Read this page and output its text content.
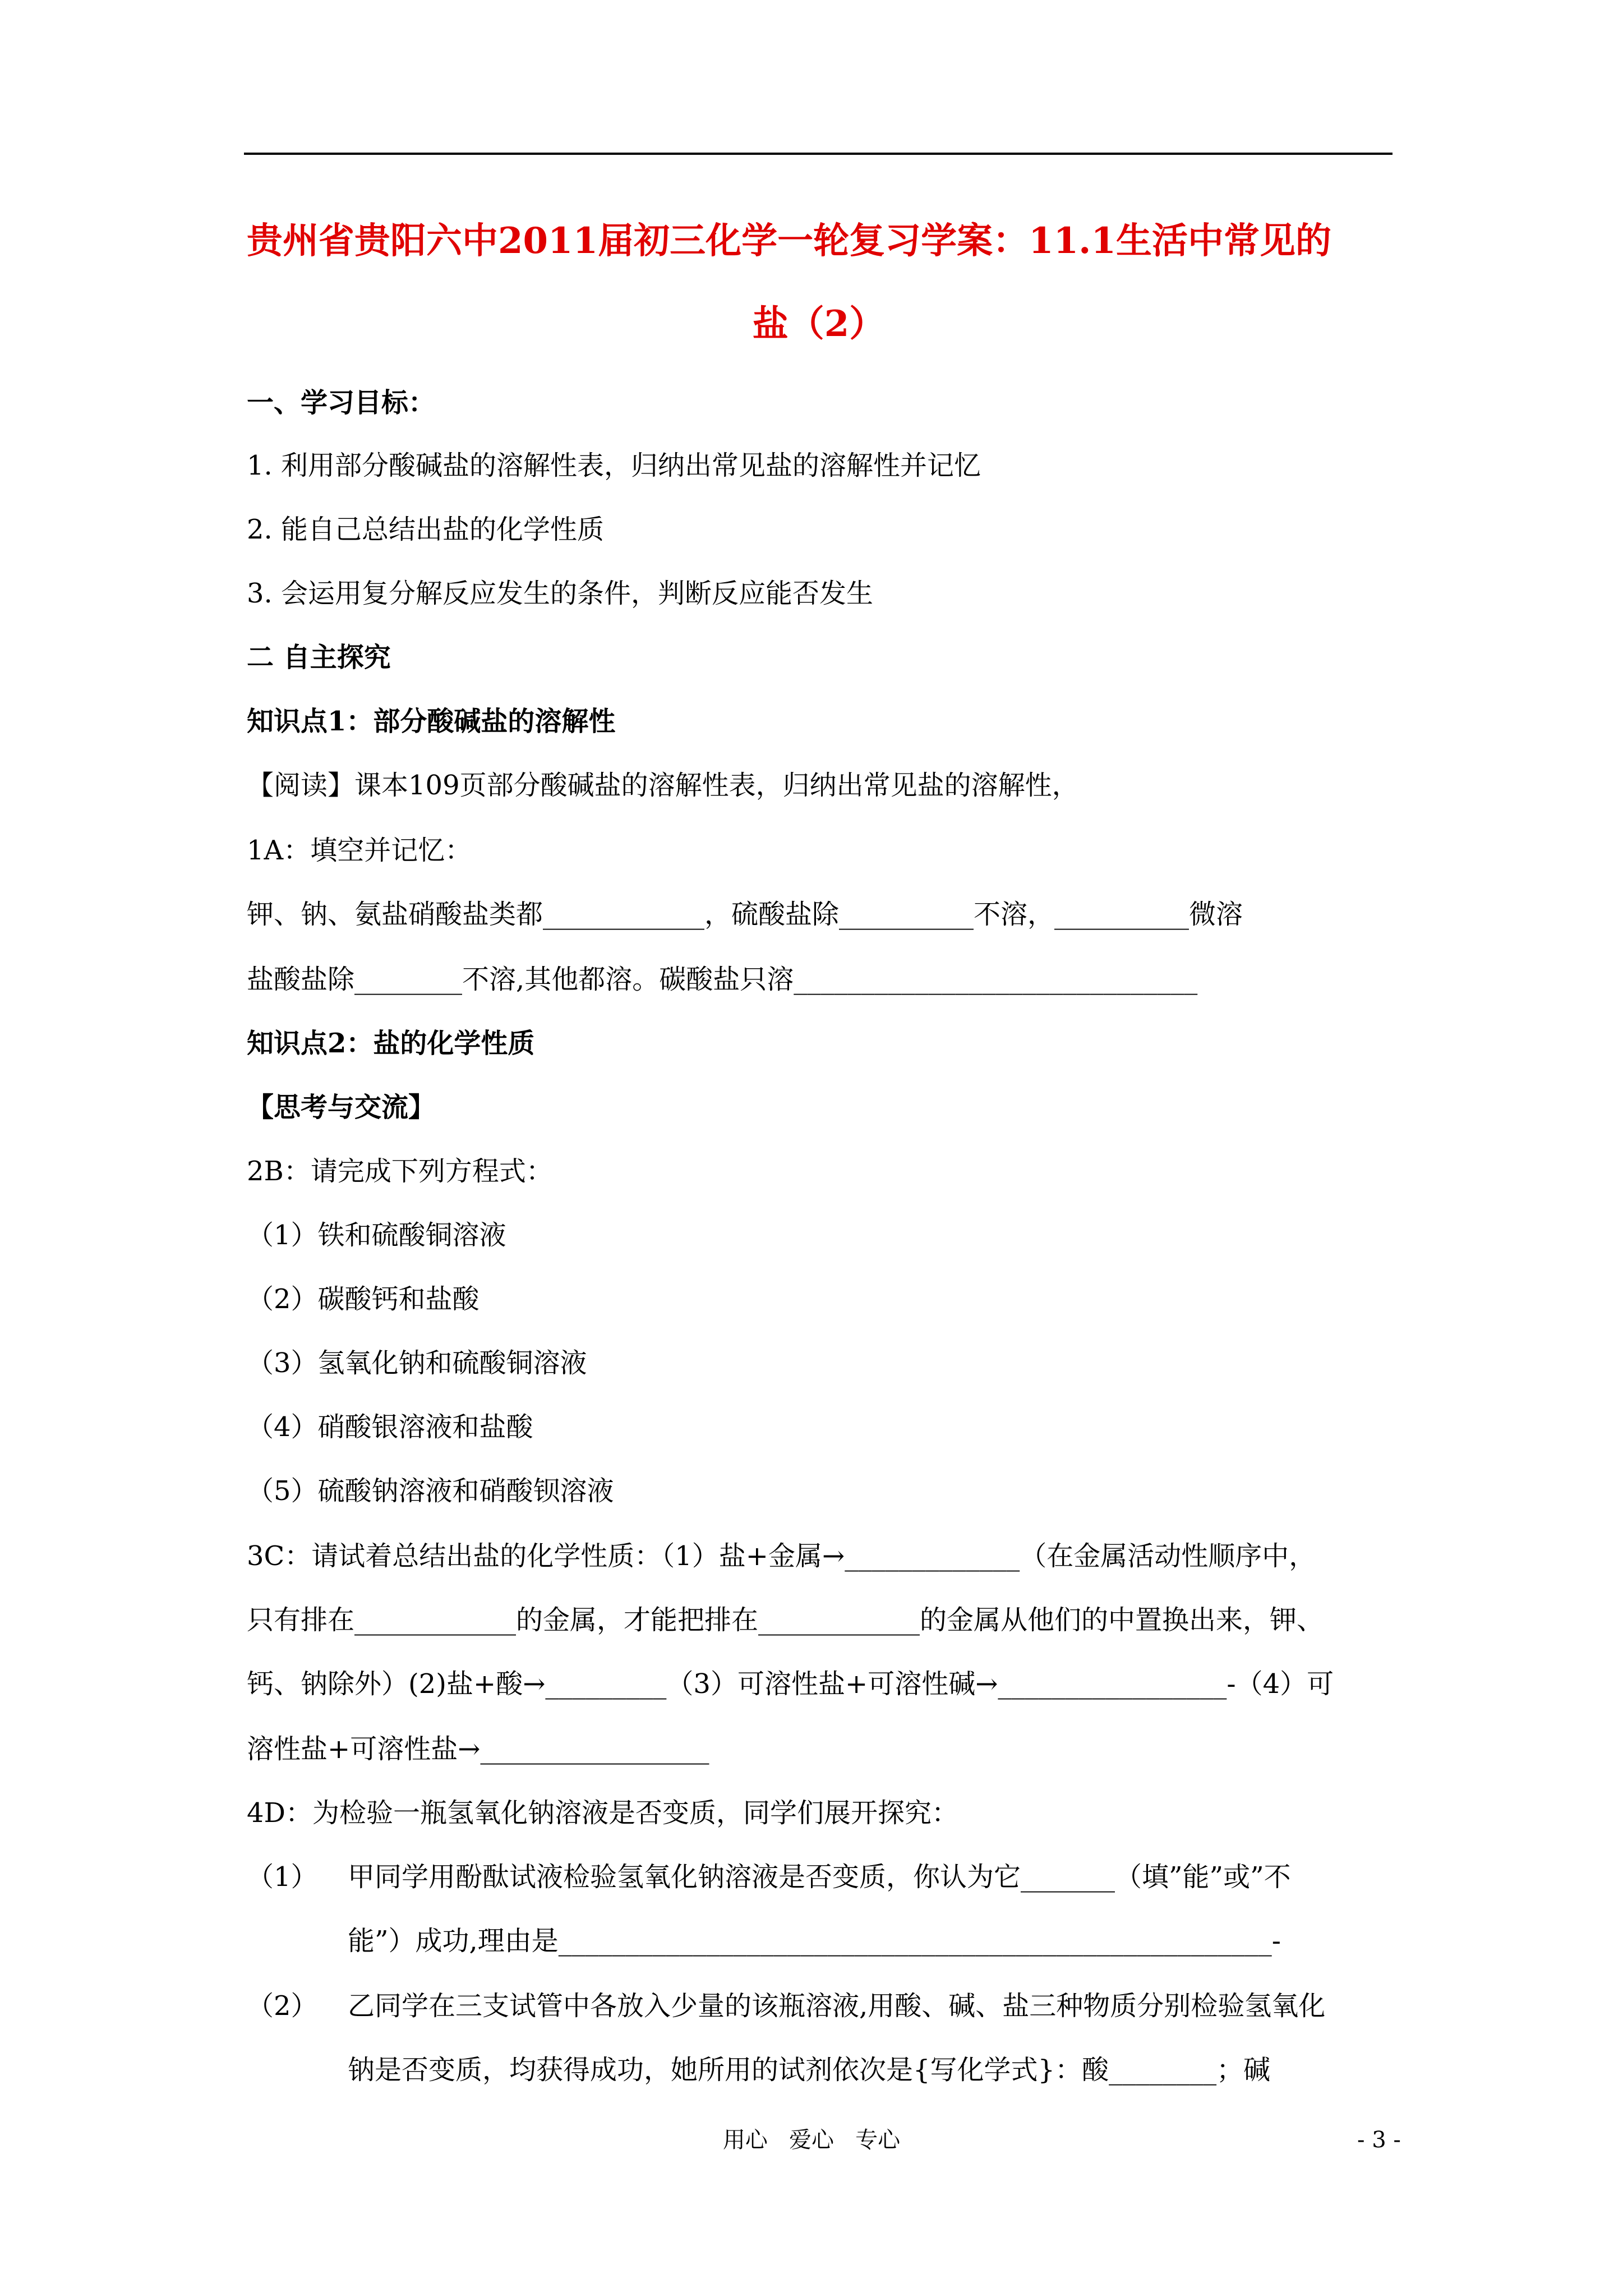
贵州省贵阳六中2011届初三化学一轮复习学案：11.1生活中常见的
盐（2）
一、学习目标：
1. 利用部分酸碱盐的溶解性表，归纳出常见盐的溶解性并记忆
2. 能自己总结出盐的化学性质
3. 会运用复分解反应发生的条件，判断反应能否发生
二 自主探究
知识点1：部分酸碱盐的溶解性
【阅读】课本109页部分酸碱盐的溶解性表，归纳出常见盐的溶解性，
1A：填空并记忆：
钾、钠、氨盐硝酸盐类都____________，硫酸盐除__________不溶，__________微溶
盐酸盐除________不溶,其他都溶。碳酸盐只溶______________________________
知识点2：盐的化学性质
【思考与交流】
2B：请完成下列方程式：
（1）铁和硫酸铜溶液
（2）碳酸钙和盐酸
（3）氢氧化钠和硫酸铜溶液
（4）硝酸银溶液和盐酸
（5）硫酸钠溶液和硝酸钡溶液
3C：请试着总结出盐的化学性质：（1）盐+金属→_____________（在金属活动性顺序中，
只有排在____________的金属，才能把排在____________的金属从他们的中置换出来，钾、
钙、钠除外）(2)盐+酸→_________（3）可溶性盐+可溶性碱→_________________-（4）可
溶性盐+可溶性盐→_________________
4D：为检验一瓶氢氧化钠溶液是否变质，同学们展开探究：
（1） 甲同学用酚酞试液检验氢氧化钠溶液是否变质，你认为它_______（填”能”或”不
能”）成功,理由是_____________________________________________________-
（2） 乙同学在三支试管中各放入少量的该瓶溶液,用酸、碱、盐三种物质分别检验氢氧化
钠是否变质，均获得成功，她所用的试剂依次是{写化学式}：酸________；碱
用心   爱心   专心	- 3 -
